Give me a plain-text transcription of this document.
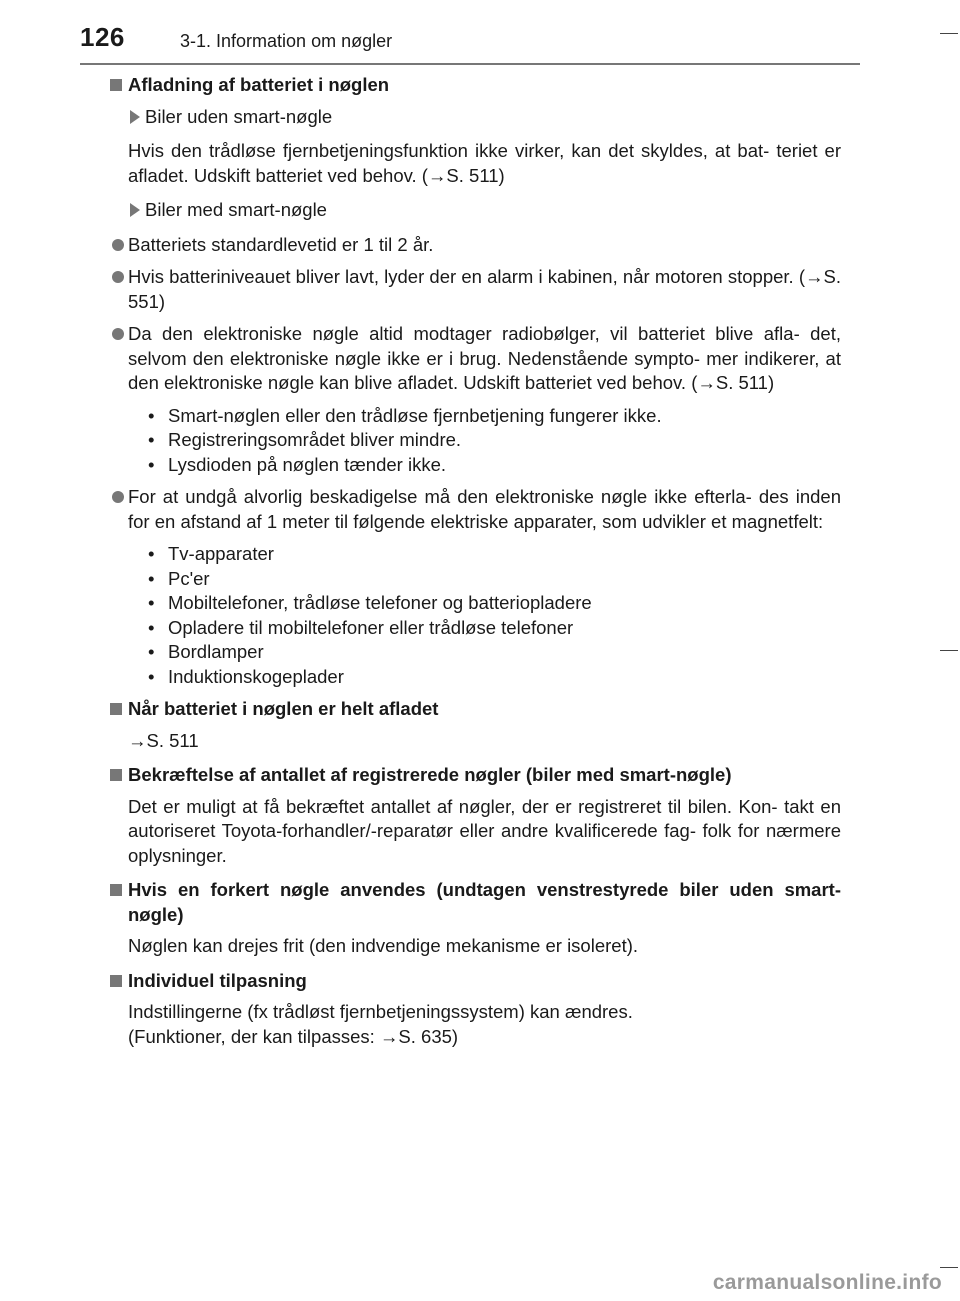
126	3-1. Information om nøgler
Afladning af batteriet i nøglen
Biler uden smart-nøgle
Hvis den trådløse fjernbetjeningsfunktion ikke virker, kan det skyldes, at bat- teriet er afladet. Udskift batteriet ved behov. (→S. 511)
Biler med smart-nøgle
Batteriets standardlevetid er 1 til 2 år.
Hvis batteriniveauet bliver lavt, lyder der en alarm i kabinen, når motoren stopper. (→S. 551)
Da den elektroniske nøgle altid modtager radiobølger, vil batteriet blive afla- det, selvom den elektroniske nøgle ikke er i brug. Nedenstående sympto- mer indikerer, at den elektroniske nøgle kan blive afladet. Udskift batteriet ved behov. (→S. 511)
• Smart-nøglen eller den trådløse fjernbetjening fungerer ikke.
• Registreringsområdet bliver mindre.
• Lysdioden på nøglen tænder ikke.
For at undgå alvorlig beskadigelse må den elektroniske nøgle ikke efterla- des inden for en afstand af 1 meter til følgende elektriske apparater, som udvikler et magnetfelt:
• Tv-apparater
• Pc'er
• Mobiltelefoner, trådløse telefoner og batteriopladere
• Opladere til mobiltelefoner eller trådløse telefoner
• Bordlamper
• Induktionskogeplader
Når batteriet i nøglen er helt afladet
→S. 511
Bekræftelse af antallet af registrerede nøgler (biler med smart-nøgle)
Det er muligt at få bekræftet antallet af nøgler, der er registreret til bilen. Kon- takt en autoriseret Toyota-forhandler/-reparatør eller andre kvalificerede fag- folk for nærmere oplysninger.
Hvis en forkert nøgle anvendes (undtagen venstrestyrede biler uden smart-nøgle)
Nøglen kan drejes frit (den indvendige mekanisme er isoleret).
Individuel tilpasning
Indstillingerne (fx trådløst fjernbetjeningssystem) kan ændres.
(Funktioner, der kan tilpasses: →S. 635)
carmanualsonline.info
